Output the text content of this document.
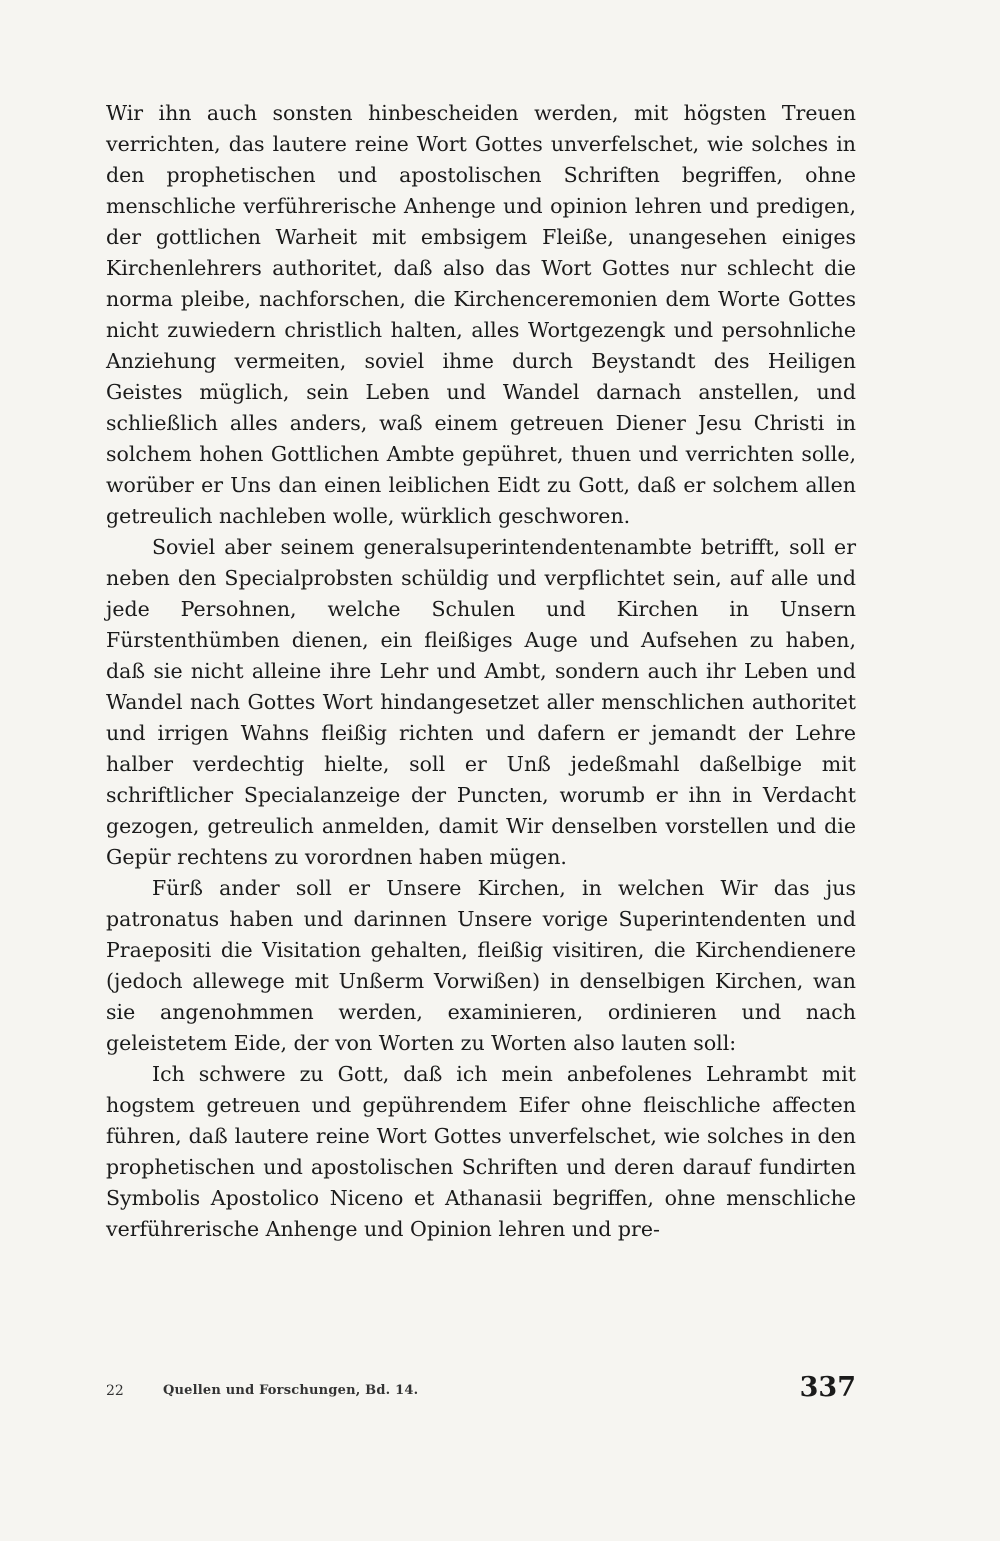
Wir ihn auch sonsten hinbescheiden werden, mit högsten Treuen verrichten, das lautere reine Wort Gottes unverfelschet, wie solches in den prophetischen und apostolischen Schriften begriffen, ohne menschliche verführerische Anhenge und opinion lehren und predigen, der gottlichen Warheit mit embsigem Fleiße, unangesehen einiges Kirchenlehrers authoritet, daß also das Wort Gottes nur schlecht die norma pleibe, nachforschen, die Kirchenceremonien dem Worte Gottes nicht zuwiedern christlich halten, alles Wortgezengk und persohnliche Anziehung vermeiten, soviel ihme durch Beystandt des Heiligen Geistes müglich, sein Leben und Wandel darnach anstellen, und schließlich alles anders, waß einem getreuen Diener Jesu Christi in solchem hohen Gottlichen Ambte gepühret, thuen und verrichten solle, worüber er Uns dan einen leiblichen Eidt zu Gott, daß er solchem allen getreulich nachleben wolle, würklich geschworen.

Soviel aber seinem generalsuperintendentenambte betrifft, soll er neben den Specialprobsten schüldig und verpflichtet sein, auf alle und jede Persohnen, welche Schulen und Kirchen in Unsern Fürstenthümben dienen, ein fleißiges Auge und Aufsehen zu haben, daß sie nicht alleine ihre Lehr und Ambt, sondern auch ihr Leben und Wandel nach Gottes Wort hindangesetzet aller menschlichen authoritet und irrigen Wahns fleißig richten und dafern er jemandt der Lehre halber verdechtig hielte, soll er Unß jedeßmahl daßelbige mit schriftlicher Specialanzeige der Puncten, worumb er ihn in Verdacht gezogen, getreulich anmelden, damit Wir denselben vorstellen und die Gepür rechtens zu vorordnen haben mügen.

Fürß ander soll er Unsere Kirchen, in welchen Wir das jus patronatus haben und darinnen Unsere vorige Superintendenten und Praepositi die Visitation gehalten, fleißig visitiren, die Kirchendienere (jedoch allewege mit Unßerm Vorwißen) in denselbigen Kirchen, wan sie angenohmmen werden, examinieren, ordinieren und nach geleistetem Eide, der von Worten zu Worten also lauten soll:

Ich schwere zu Gott, daß ich mein anbefolenes Lehrambt mit hogstem getreuen und gepührendem Eifer ohne fleischliche affecten führen, daß lautere reine Wort Gottes unverfelschet, wie solches in den prophetischen und apostolischen Schriften und deren darauf fundirten Symbolis Apostolico Niceno et Athanasii begriffen, ohne menschliche verführerische Anhenge und Opinion lehren und pre-

22	Quellen und Forschungen, Bd. 14.	337
